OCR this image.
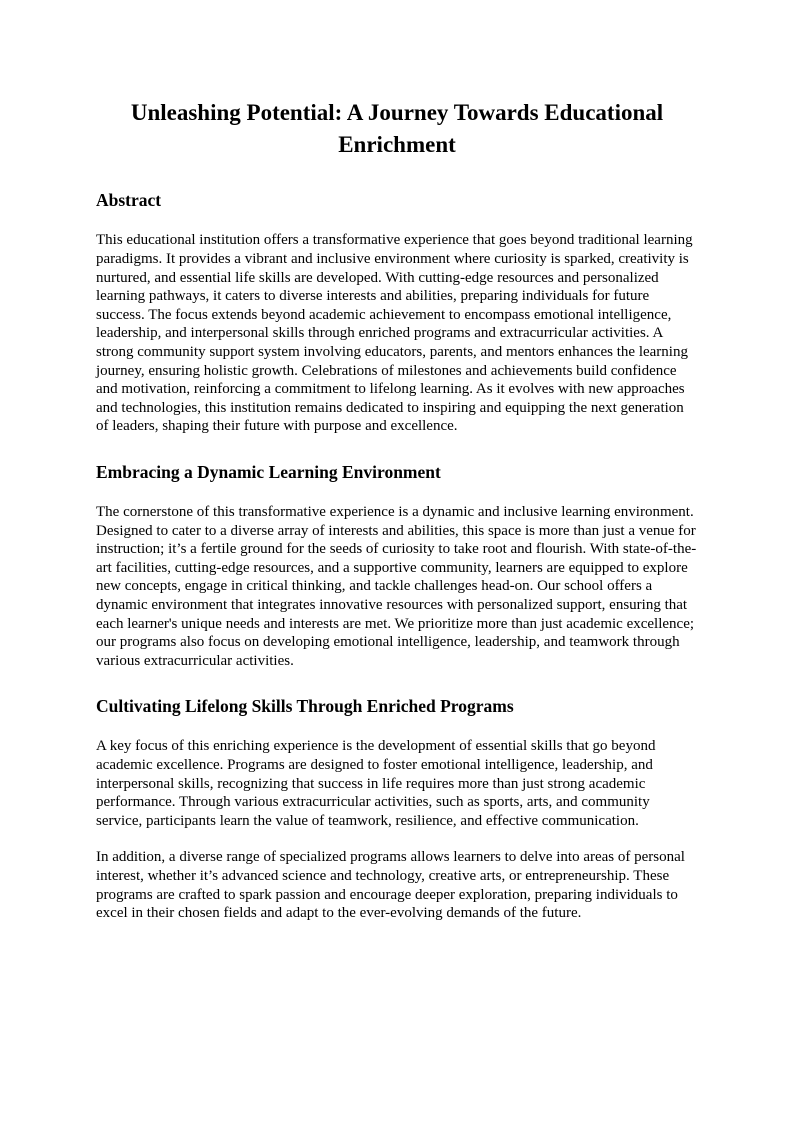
Unleashing Potential: A Journey Towards Educational Enrichment
Abstract

This educational institution offers a transformative experience that goes beyond traditional learning paradigms. It provides a vibrant and inclusive environment where curiosity is sparked, creativity is nurtured, and essential life skills are developed. With cutting-edge resources and personalized learning pathways, it caters to diverse interests and abilities, preparing individuals for future success. The focus extends beyond academic achievement to encompass emotional intelligence, leadership, and interpersonal skills through enriched programs and extracurricular activities. A strong community support system involving educators, parents, and mentors enhances the learning journey, ensuring holistic growth. Celebrations of milestones and achievements build confidence and motivation, reinforcing a commitment to lifelong learning. As it evolves with new approaches and technologies, this institution remains dedicated to inspiring and equipping the next generation of leaders, shaping their future with purpose and excellence.

Embracing a Dynamic Learning Environment

The cornerstone of this transformative experience is a dynamic and inclusive learning environment. Designed to cater to a diverse array of interests and abilities, this space is more than just a venue for instruction; it’s a fertile ground for the seeds of curiosity to take root and flourish. With state-of-the-art facilities, cutting-edge resources, and a supportive community, learners are equipped to explore new concepts, engage in critical thinking, and tackle challenges head-on. Our school offers a dynamic environment that integrates innovative resources with personalized support, ensuring that each learner's unique needs and interests are met. We prioritize more than just academic excellence; our programs also focus on developing emotional intelligence, leadership, and teamwork through various extracurricular activities.

Cultivating Lifelong Skills Through Enriched Programs

A key focus of this enriching experience is the development of essential skills that go beyond academic excellence. Programs are designed to foster emotional intelligence, leadership, and interpersonal skills, recognizing that success in life requires more than just strong academic performance. Through various extracurricular activities, such as sports, arts, and community service, participants learn the value of teamwork, resilience, and effective communication.

In addition, a diverse range of specialized programs allows learners to delve into areas of personal interest, whether it’s advanced science and technology, creative arts, or entrepreneurship. These programs are crafted to spark passion and encourage deeper exploration, preparing individuals to excel in their chosen fields and adapt to the ever-evolving demands of the future.
